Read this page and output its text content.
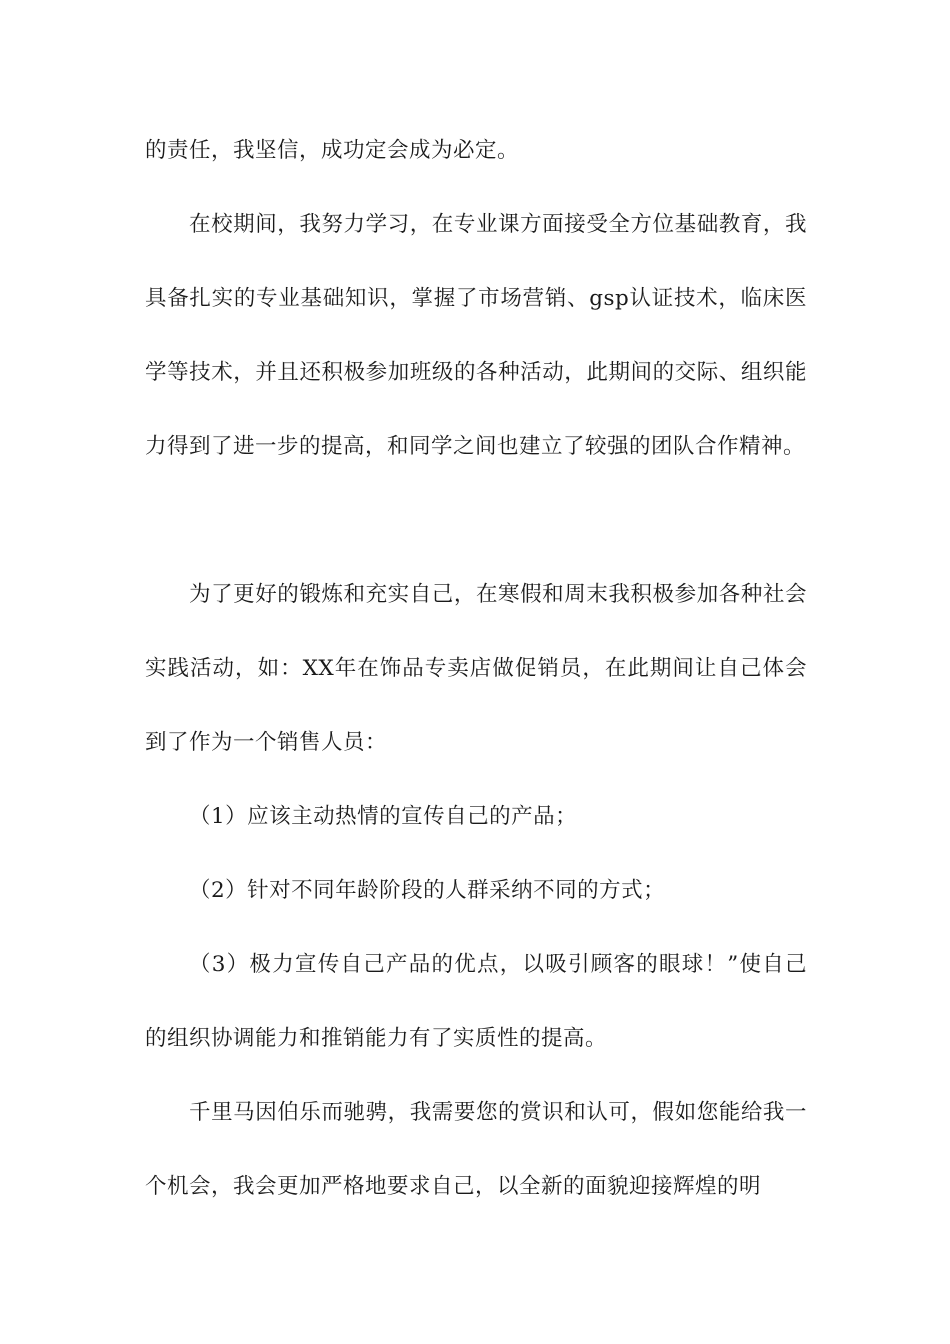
的责任，我坚信，成功定会成为必定。

在校期间，我努力学习，在专业课方面接受全方位基础教育，我具备扎实的专业基础知识，掌握了市场营销、gsp认证技术，临床医学等技术，并且还积极参加班级的各种活动，此期间的交际、组织能力得到了进一步的提高，和同学之间也建立了较强的团队合作精神。

为了更好的锻炼和充实自己，在寒假和周末我积极参加各种社会实践活动，如：XX年在饰品专卖店做促销员，在此期间让自己体会到了作为一个销售人员：

（1）应该主动热情的宣传自己的产品；

（2）针对不同年龄阶段的人群采纳不同的方式；

（3）极力宣传自己产品的优点，以吸引顾客的眼球！”使自己的组织协调能力和推销能力有了实质性的提高。

千里马因伯乐而驰骋，我需要您的赏识和认可，假如您能给我一个机会，我会更加严格地要求自己，以全新的面貌迎接辉煌的明
